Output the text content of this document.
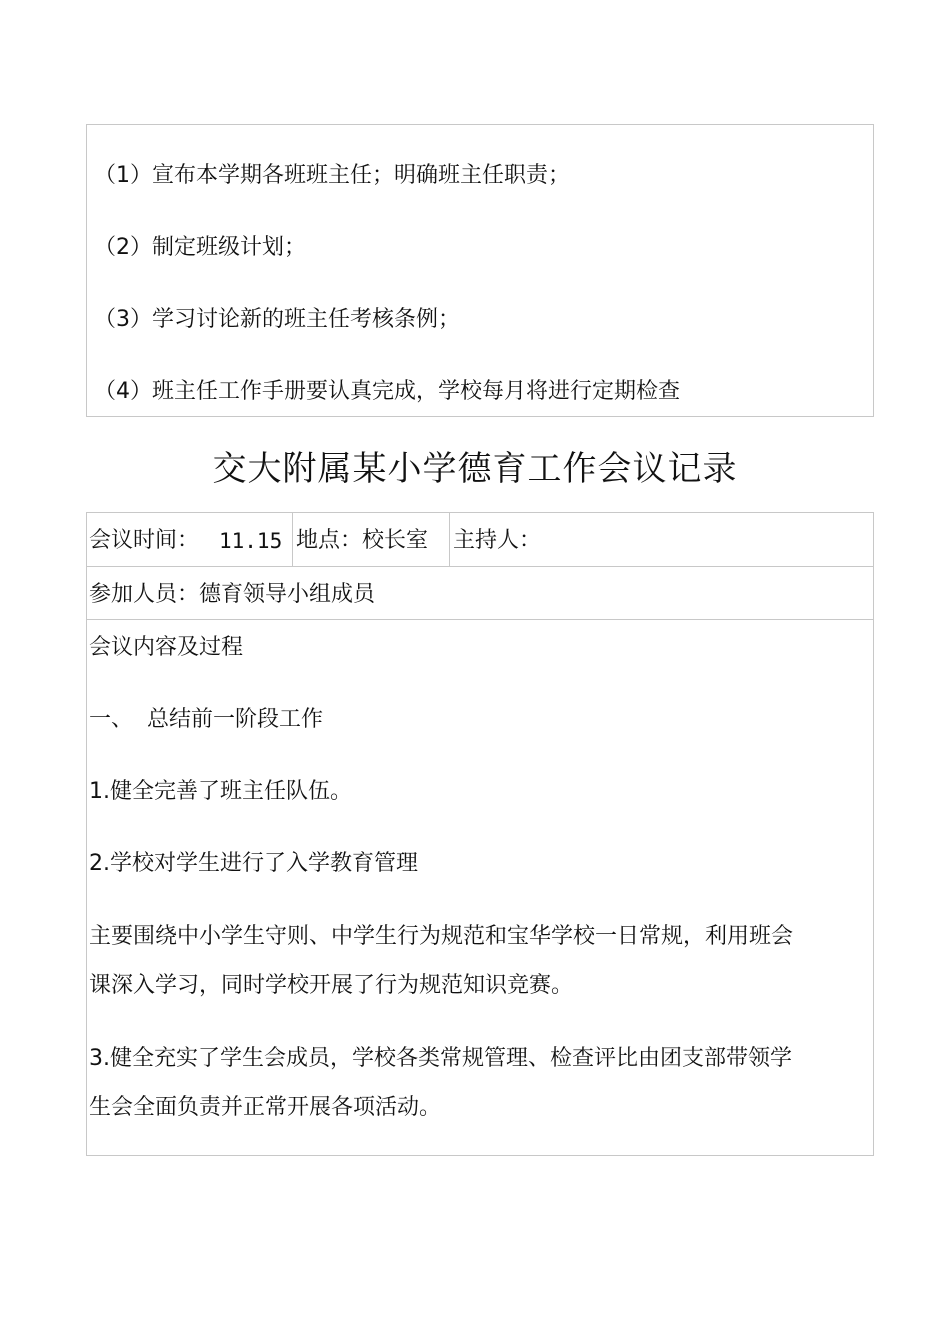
（1）宣布本学期各班班主任；明确班主任职责；
（2）制定班级计划；
（3）学习讨论新的班主任考核条例；
（4）班主任工作手册要认真完成，学校每月将进行定期检查
交大附属某小学德育工作会议记录
会议时间： 11.15 地点：校长室 主持人：
参加人员：德育领导小组成员
会议内容及过程
一、  总结前一阶段工作
1.健全完善了班主任队伍。
2.学校对学生进行了入学教育管理
主要围绕中小学生守则、中学生行为规范和宝华学校一日常规，利用班会
课深入学习，同时学校开展了行为规范知识竞赛。
3.健全充实了学生会成员，学校各类常规管理、检查评比由团支部带领学
生会全面负责并正常开展各项活动。
